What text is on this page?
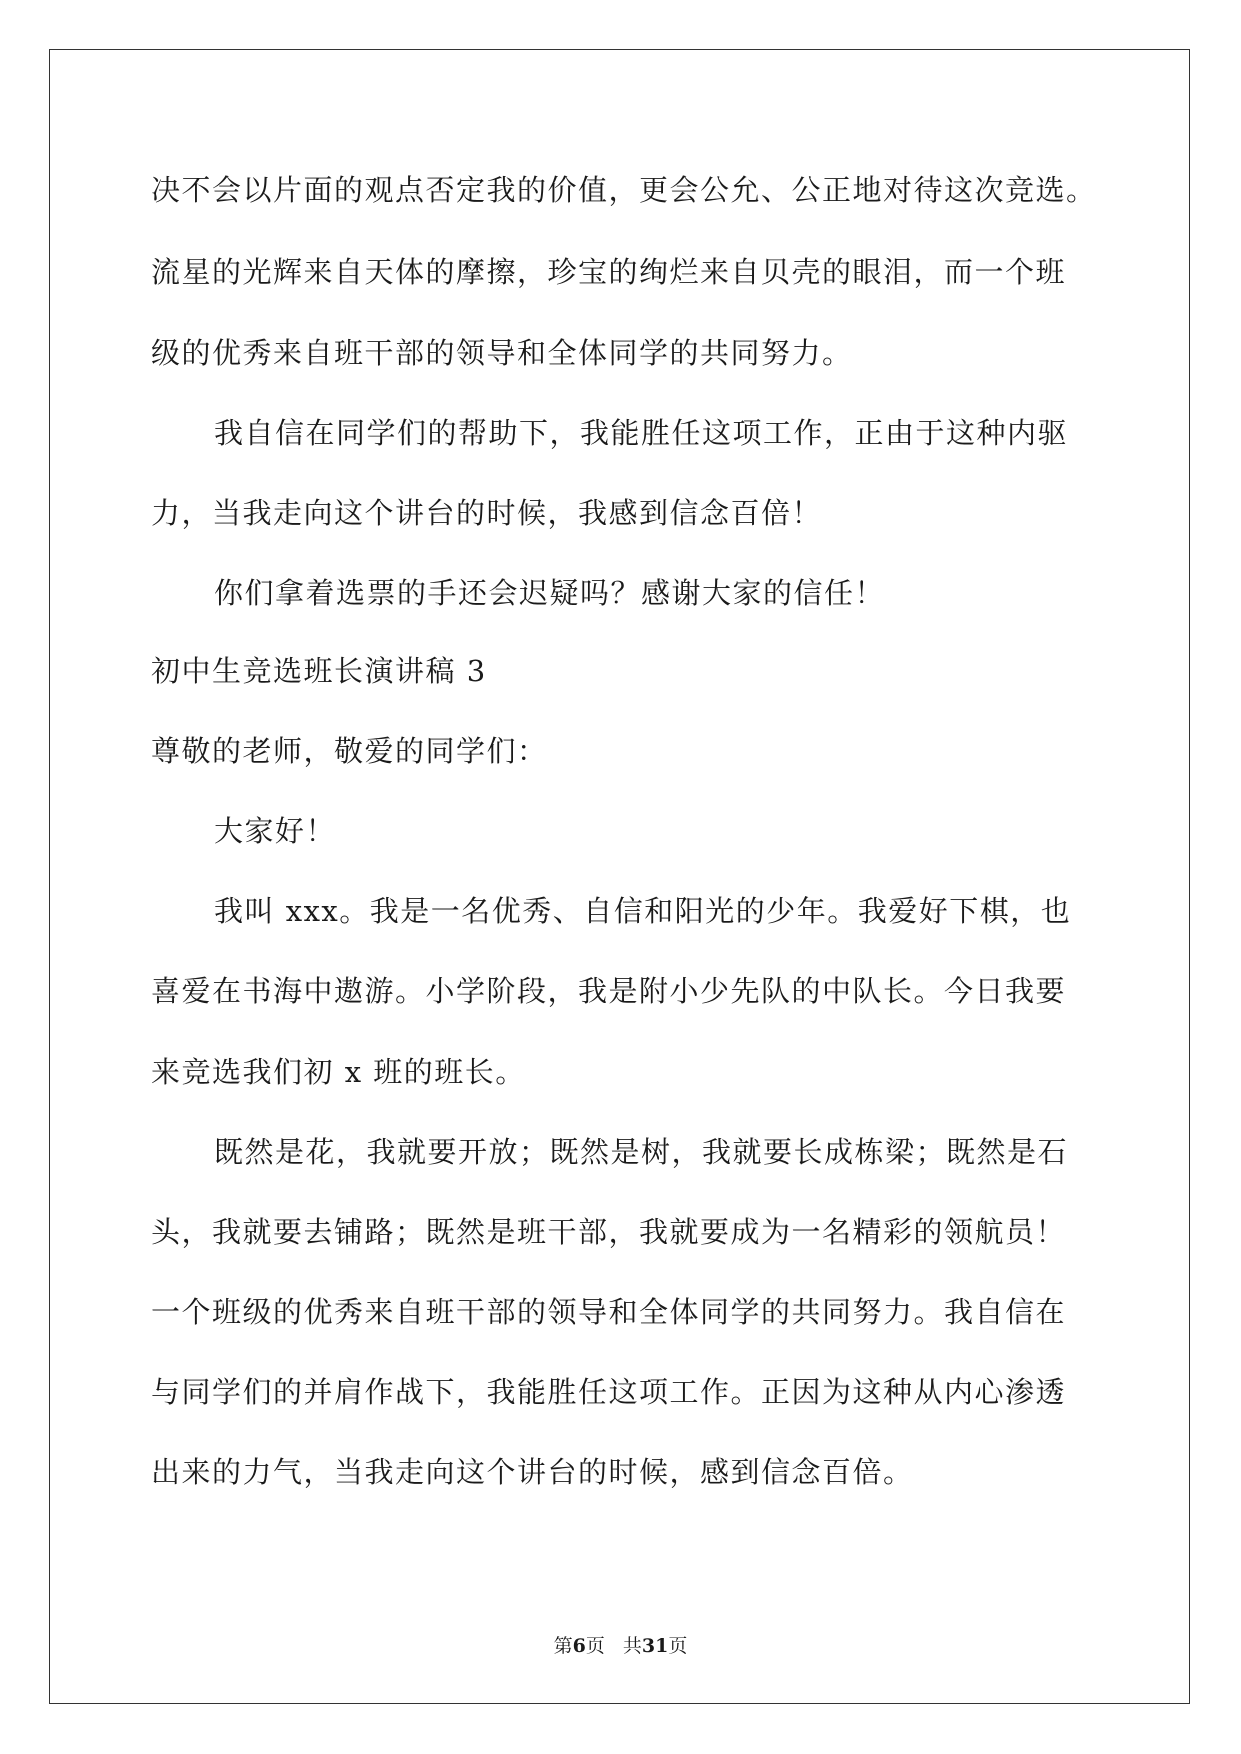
决不会以片面的观点否定我的价值，更会公允、公正地对待这次竞选。
流星的光辉来自天体的摩擦，珍宝的绚烂来自贝壳的眼泪，而一个班
级的优秀来自班干部的领导和全体同学的共同努力。
我自信在同学们的帮助下，我能胜任这项工作，正由于这种内驱
力，当我走向这个讲台的时候，我感到信念百倍！
你们拿着选票的手还会迟疑吗？感谢大家的信任！
初中生竞选班长演讲稿 3
尊敬的老师，敬爱的同学们：
大家好！
我叫 xxx。我是一名优秀、自信和阳光的少年。我爱好下棋，也
喜爱在书海中遨游。小学阶段，我是附小少先队的中队长。今日我要
来竞选我们初 x 班的班长。
既然是花，我就要开放；既然是树，我就要长成栋梁；既然是石
头，我就要去铺路；既然是班干部，我就要成为一名精彩的领航员！
一个班级的优秀来自班干部的领导和全体同学的共同努力。我自信在
与同学们的并肩作战下，我能胜任这项工作。正因为这种从内心渗透
出来的力气，当我走向这个讲台的时候，感到信念百倍。
第6页 共31页
